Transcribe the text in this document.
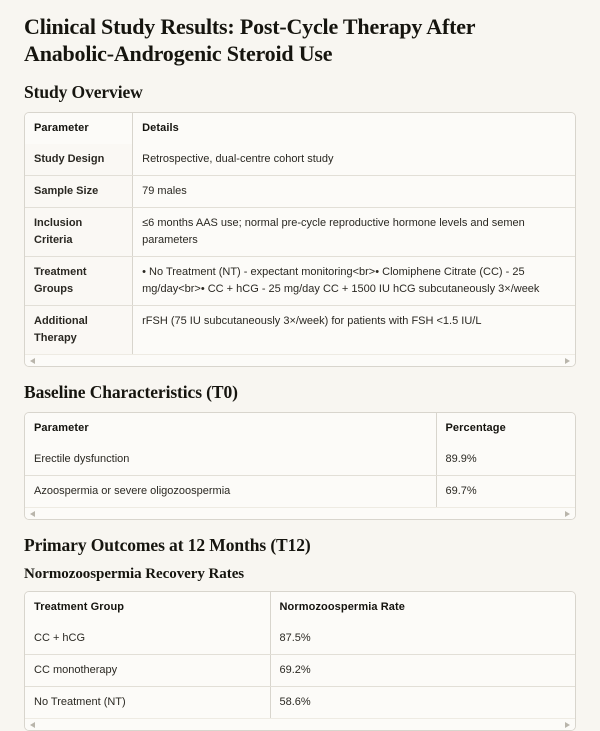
Clinical Study Results: Post-Cycle Therapy After Anabolic-Androgenic Steroid Use
Study Overview
Parameter	Details
Study Design	Retrospective, dual-centre cohort study
Sample Size	79 males
Inclusion Criteria	≤6 months AAS use; normal pre-cycle reproductive hormone levels and semen parameters
Treatment Groups	• No Treatment (NT) - expectant monitoring<br>• Clomiphene Citrate (CC) - 25 mg/day<br>• CC + hCG - 25 mg/day CC + 1500 IU hCG subcutaneously 3×/week
Additional Therapy	rFSH (75 IU subcutaneously 3×/week) for patients with FSH <1.5 IU/L
Baseline Characteristics (T0)
Parameter	Percentage
Erectile dysfunction	89.9%
Azoospermia or severe oligozoospermia	69.7%
Primary Outcomes at 12 Months (T12)
Normozoospermia Recovery Rates
Treatment Group	Normozoospermia Rate
CC + hCG	87.5%
CC monotherapy	69.2%
No Treatment (NT)	58.6%
